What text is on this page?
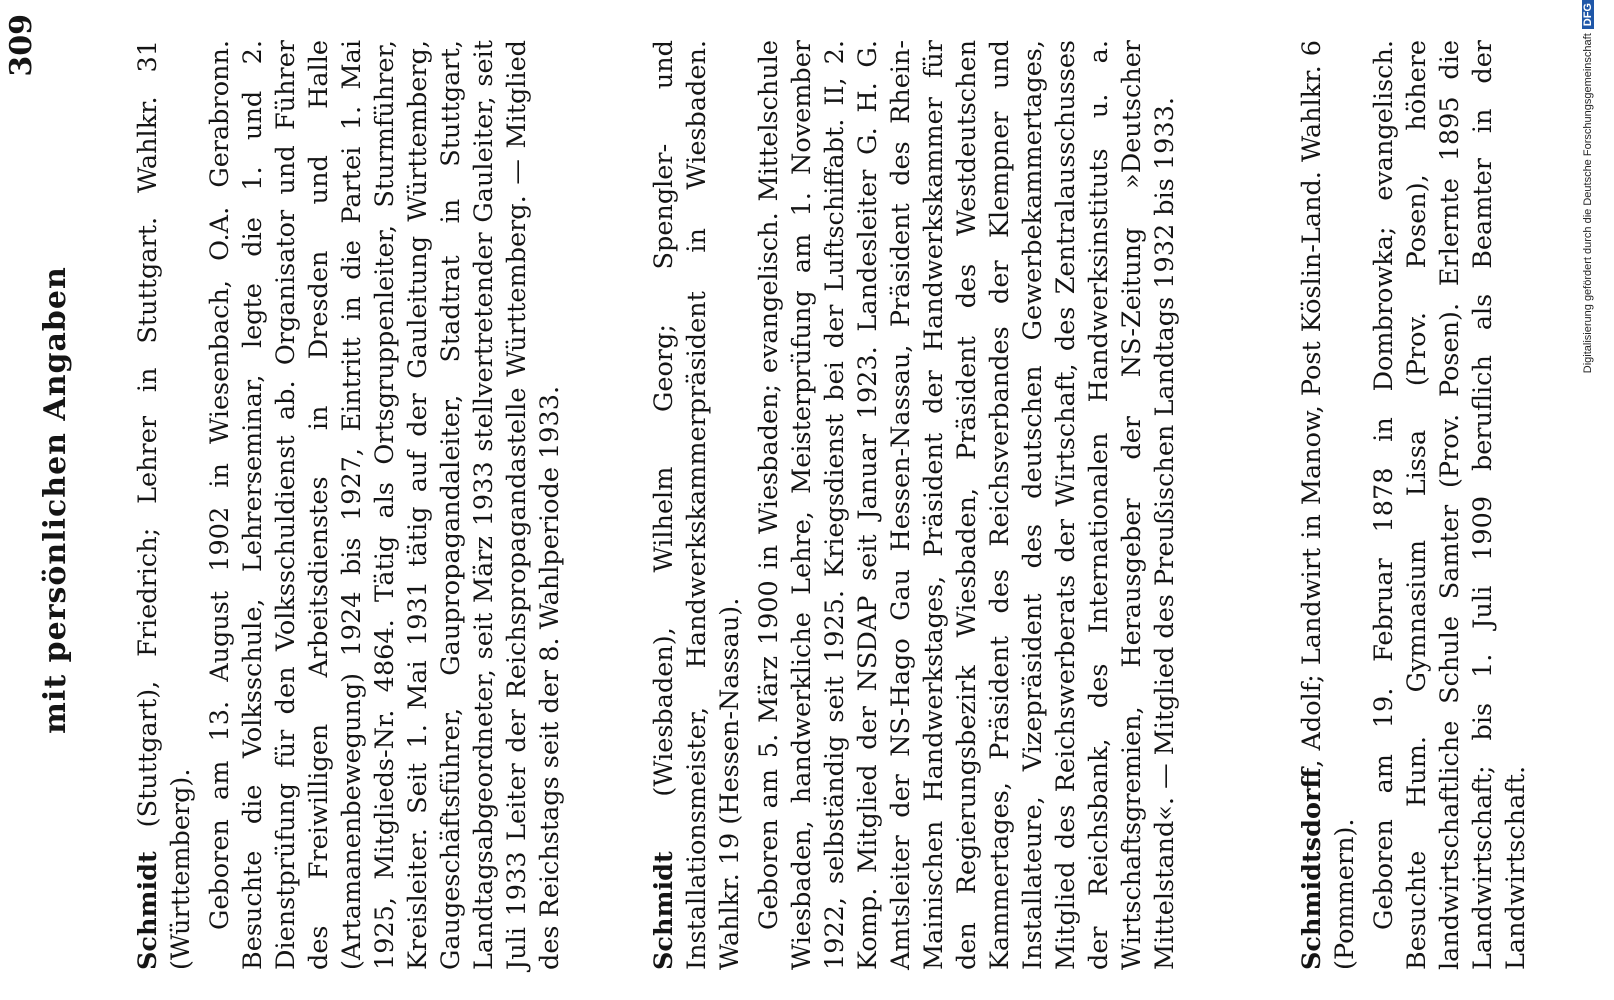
mit persönlichen Angaben
309

Schmidt (Stuttgart), Friedrich; Lehrer in Stuttgart. Wahlkr. 31 (Württemberg). Geboren am 13. August 1902 in Wiesenbach, O.A. Gerabronn. Besuchte die Volksschule, Lehrerseminar, legte die 1. und 2. Dienstprüfung für den Volksschuldienst ab. Organisator und Führer des Freiwilligen Arbeitsdienstes in Dresden und Halle (Artamanenbewegung) 1924 bis 1927, Eintritt in die Partei 1. Mai 1925, Mitglieds-Nr. 4864. Tätig als Ortsgruppenleiter, Sturmführer, Kreisleiter. Seit 1. Mai 1931 tätig auf der Gauleitung Württemberg, Gaugeschäftsführer, Gaupropagandaleiter, Stadtrat in Stuttgart, Landtagsabgeordneter, seit März 1933 stellvertretender Gauleiter, seit Juli 1933 Leiter der Reichspropagandastelle Württemberg. — Mitglied des Reichstags seit der 8. Wahlperiode 1933.	Schmidt (Wiesbaden), Wilhelm Georg; Spengler- und Installationsmeister, Handwerkskammerpräsident in Wiesbaden. Wahlkr. 19 (Hessen-Nassau). Geboren am 5. März 1900 in Wiesbaden; evangelisch. Mittelschule Wiesbaden, handwerkliche Lehre, Meisterprüfung am 1. November 1922, selbständig seit 1925. Kriegsdienst bei der Luftschiffabt. II, 2. Komp. Mitglied der NSDAP seit Januar 1923. Landesleiter G. H. G. Amtsleiter der NS-Hago Gau Hessen-Nassau, Präsident des Rhein-Mainischen Handwerkstages, Präsident der Handwerkskammer für den Regierungsbezirk Wiesbaden, Präsident des Westdeutschen Kammertages, Präsident des Reichsverbandes der Klempner und Installateure, Vizepräsident des deutschen Gewerbekammertages, Mitglied des Reichswerberats der Wirtschaft, des Zentralausschusses der Reichsbank, des Internationalen Handwerksinstituts u. a. Wirtschaftsgremien, Herausgeber der NS-Zeitung »Deutscher Mittelstand«. — Mitglied des Preußischen Landtags 1932 bis 1933.	Schmidtsdorff, Adolf; Landwirt in Manow, Post Köslin-Land. Wahlkr. 6 (Pommern). Geboren am 19. Februar 1878 in Dombrowka; evangelisch. Besuchte Hum. Gymnasium Lissa (Prov. Posen), höhere landwirtschaftliche Schule Samter (Prov. Posen). Erlernte 1895 die Landwirtschaft; bis 1. Juli 1909 beruflich als Beamter in der Landwirtschaft.

Digitalisierung gefördert durch die Deutsche ForschungsgemeinschaftDFG
